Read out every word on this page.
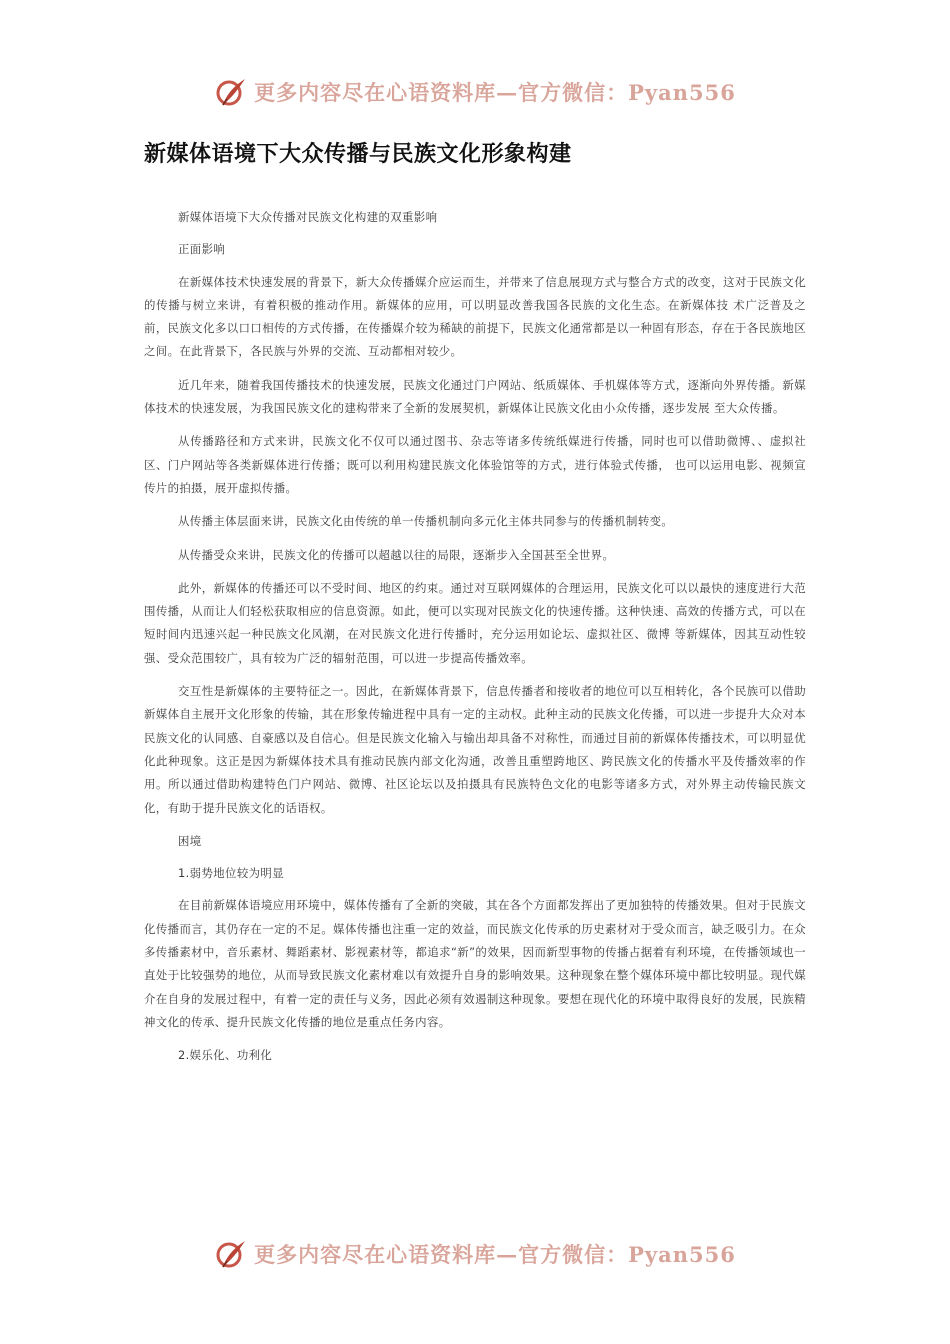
更多内容尽在心语资料库—官方微信：Pyan556
新媒体语境下大众传播与民族文化形象构建

新媒体语境下大众传播对民族文化构建的双重影响

正面影响

在新媒体技术快速发展的背景下，新大众传播媒介应运而生，并带来了信息展现方式与整合方式的改变，这对于民族文化的传播与树立来讲，有着积极的推动作用。新媒体的应用，可以明显改善我国各民族的文化生态。在新媒体技 术广泛普及之前，民族文化多以口口相传的方式传播，在传播媒介较为稀缺的前提下，民族文化通常都是以一种固有形态，存在于各民族地区之间。在此背景下，各民族与外界的交流、互动都相对较少。

近几年来，随着我国传播技术的快速发展，民族文化通过门户网站、纸质媒体、手机媒体等方式，逐渐向外界传播。新媒体技术的快速发展，为我国民族文化的建构带来了全新的发展契机，新媒体让民族文化由小众传播，逐步发展 至大众传播。

从传播路径和方式来讲，民族文化不仅可以通过图书、杂志等诸多传统纸媒进行传播，同时也可以借助微博、、虚拟社区、门户网站等各类新媒体进行传播；既可以利用构建民族文化体验馆等的方式，进行体验式传播， 也可以运用电影、视频宣传片的拍摄，展开虚拟传播。

从传播主体层面来讲，民族文化由传统的单一传播机制向多元化主体共同参与的传播机制转变。

从传播受众来讲，民族文化的传播可以超越以往的局限，逐渐步入全国甚至全世界。

此外，新媒体的传播还可以不受时间、地区的约束。通过对互联网媒体的合理运用，民族文化可以以最快的速度进行大范围传播，从而让人们轻松获取相应的信息资源。如此，便可以实现对民族文化的快速传播。这种快速、高效的传播方式，可以在短时间内迅速兴起一种民族文化风潮，在对民族文化进行传播时，充分运用如论坛、虚拟社区、微博 等新媒体，因其互动性较强、受众范围较广，具有较为广泛的辐射范围，可以进一步提高传播效率。

交互性是新媒体的主要特征之一。因此，在新媒体背景下，信息传播者和接收者的地位可以互相转化，各个民族可以借助新媒体自主展开文化形象的传输，其在形象传输进程中具有一定的主动权。此种主动的民族文化传播，可以进一步提升大众对本民族文化的认同感、自豪感以及自信心。但是民族文化输入与输出却具备不对称性，而通过目前的新媒体传播技术，可以明显优化此种现象。这正是因为新媒体技术具有推动民族内部文化沟通，改善且重塑跨地区、跨民族文化的传播水平及传播效率的作用。所以通过借助构建特色门户网站、微博、社区论坛以及拍摄具有民族特色文化的电影等诸多方式，对外界主动传输民族文化，有助于提升民族文化的话语权。

困境

1.弱势地位较为明显

在目前新媒体语境应用环境中，媒体传播有了全新的突破，其在各个方面都发挥出了更加独特的传播效果。但对于民族文化传播而言，其仍存在一定的不足。媒体传播也注重一定的效益，而民族文化传承的历史素材对于受众而言，缺乏吸引力。在众多传播素材中，音乐素材、舞蹈素材、影视素材等，都追求“新”的效果，因而新型事物的传播占据着有利环境，在传播领域也一直处于比较强势的地位，从而导致民族文化素材难以有效提升自身的影响效果。这种现象在整个媒体环境中都比较明显。现代媒介在自身的发展过程中，有着一定的责任与义务，因此必须有效遏制这种现象。要想在现代化的环境中取得良好的发展，民族精神文化的传承、提升民族文化传播的地位是重点任务内容。

2.娱乐化、功利化

更多内容尽在心语资料库—官方微信：Pyan556
